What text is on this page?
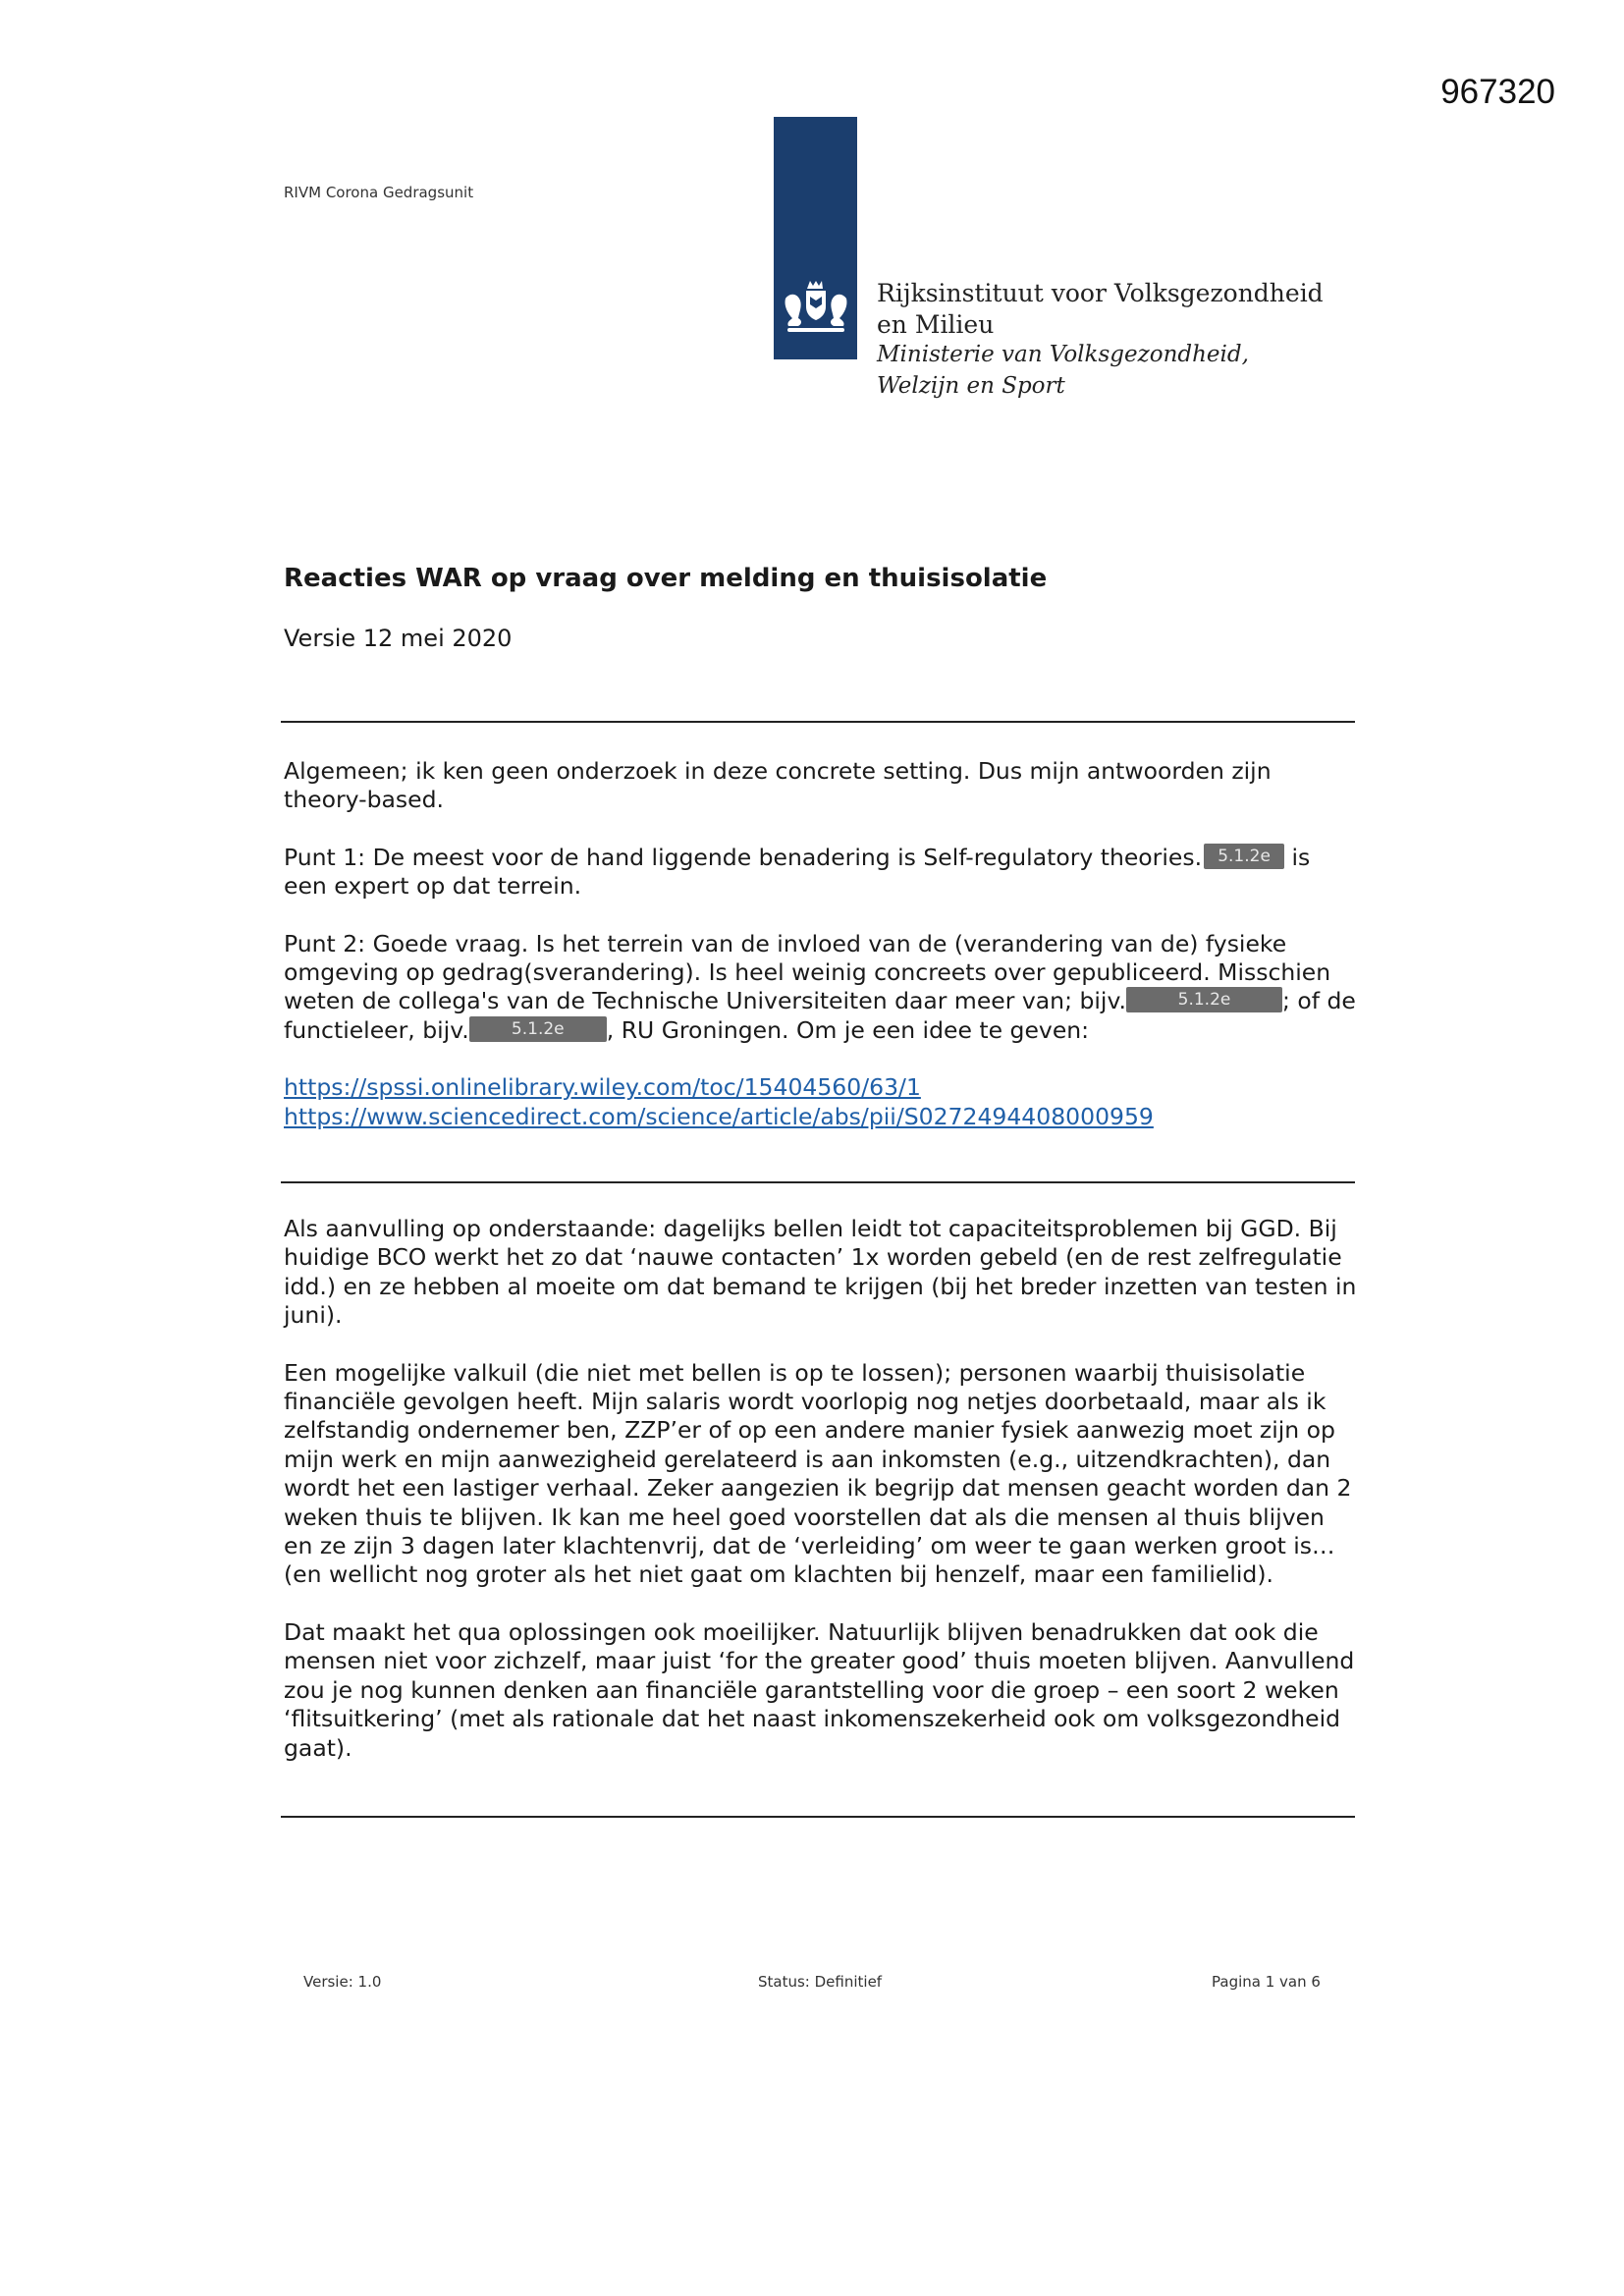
967320
RIVM Corona Gedragsunit
Rijksinstituut voor Volksgezondheid
en Milieu
Ministerie van Volksgezondheid,
Welzijn en Sport
Reacties WAR op vraag over melding en thuisisolatie
Versie 12 mei 2020

Algemeen; ik ken geen onderzoek in deze concrete setting. Dus mijn antwoorden zijn theory-based.

Punt 1: De meest voor de hand liggende benadering is Self-regulatory theories. 5.1.2e is een expert op dat terrein.

Punt 2: Goede vraag. Is het terrein van de invloed van de (verandering van de) fysieke omgeving op gedrag(sverandering). Is heel weinig concreets over gepubliceerd. Misschien weten de collega's van de Technische Universiteiten daar meer van; bijv.	5.1.2e ; of de functieleer, bijv.	5.1.2e , RU Groningen. Om je een idee te geven:

https://spssi.onlinelibrary.wiley.com/toc/15404560/63/1
https://www.sciencedirect.com/science/article/abs/pii/S0272494408000959

Als aanvulling op onderstaande: dagelijks bellen leidt tot capaciteitsproblemen bij GGD. Bij huidige BCO werkt het zo dat ‘nauwe contacten’ 1x worden gebeld (en de rest zelfregulatie idd.) en ze hebben al moeite om dat bemand te krijgen (bij het breder inzetten van testen in juni).

Een mogelijke valkuil (die niet met bellen is op te lossen); personen waarbij thuisisolatie financiële gevolgen heeft. Mijn salaris wordt voorlopig nog netjes doorbetaald, maar als ik zelfstandig ondernemer ben, ZZP’er of op een andere manier fysiek aanwezig moet zijn op mijn werk en mijn aanwezigheid gerelateerd is aan inkomsten (e.g., uitzendkrachten), dan wordt het een lastiger verhaal. Zeker aangezien ik begrijp dat mensen geacht worden dan 2 weken thuis te blijven. Ik kan me heel goed voorstellen dat als die mensen al thuis blijven en ze zijn 3 dagen later klachtenvrij, dat de ‘verleiding’ om weer te gaan werken groot is… (en wellicht nog groter als het niet gaat om klachten bij henzelf, maar een familielid).

Dat maakt het qua oplossingen ook moeilijker. Natuurlijk blijven benadrukken dat ook die mensen niet voor zichzelf, maar juist ‘for the greater good’ thuis moeten blijven. Aanvullend zou je nog kunnen denken aan financiële garantstelling voor die groep – een soort 2 weken ‘flitsuitkering’ (met als rationale dat het naast inkomenszekerheid ook om volksgezondheid gaat).

Versie: 1.0	Status: Definitief	Pagina 1 van 6
